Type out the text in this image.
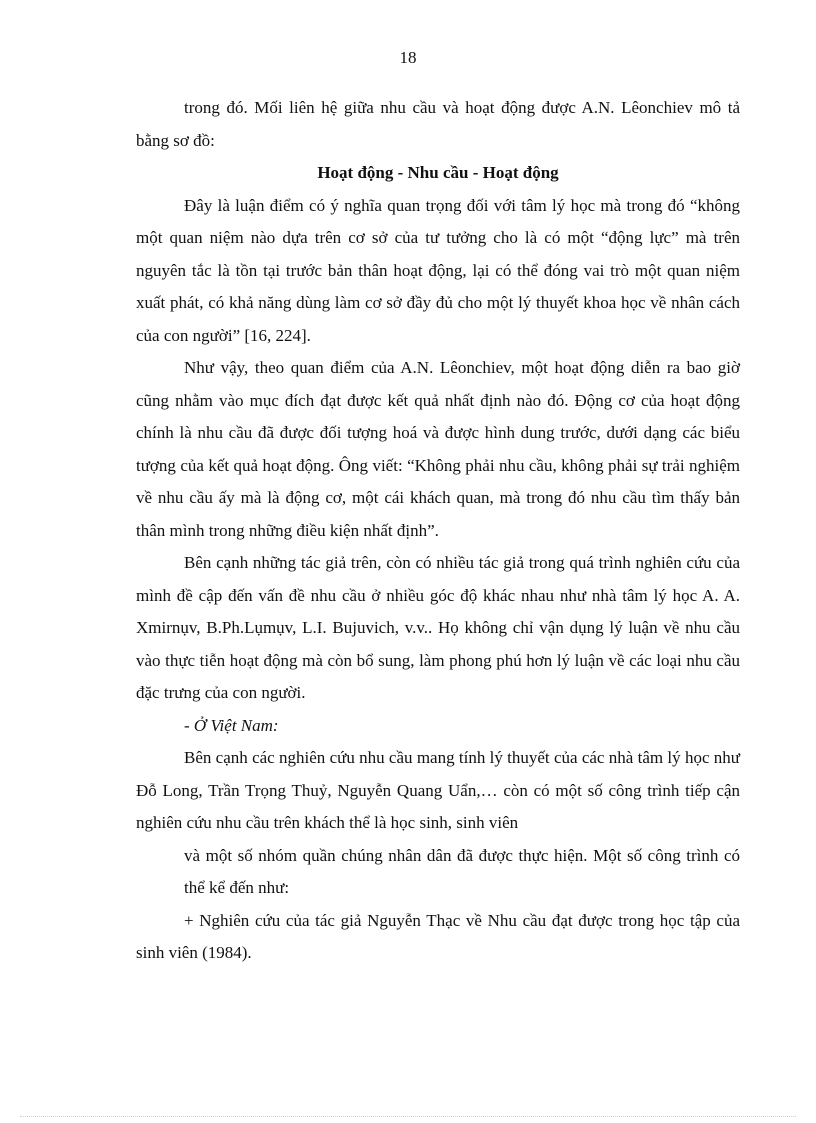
18

trong đó. Mối liên hệ giữa nhu cầu và hoạt động được A.N. Lêonchiev mô tả bằng sơ đồ:

Hoạt động - Nhu cầu - Hoạt động

Đây là luận điểm có ý nghĩa quan trọng đối với tâm lý học mà trong đó “không một quan niệm nào dựa trên cơ sở của tư tưởng cho là có một “động lực” mà trên nguyên tắc là tồn tại trước bản thân hoạt động, lại có thể đóng vai trò một quan niệm xuất phát, có khả năng dùng làm cơ sở đầy đủ cho một lý thuyết khoa học về nhân cách của con người” [16, 224].

Như vậy, theo quan điểm của A.N. Lêonchiev, một hoạt động diễn ra bao giờ cũng nhằm vào mục đích đạt được kết quả nhất định nào đó. Động cơ của hoạt động chính là nhu cầu đã được đối tượng hoá và được hình dung trước, dưới dạng các biểu tượng của kết quả hoạt động. Ông viết: “Không phải nhu cầu, không phải sự trải nghiệm về nhu cầu ấy mà là động cơ, một cái khách quan, mà trong đó nhu cầu tìm thấy bản thân mình trong những điều kiện nhất định”.

Bên cạnh những tác giả trên, còn có nhiều tác giả trong quá trình nghiên cứu của mình đề cập đến vấn đề nhu cầu ở nhiều góc độ khác nhau như nhà tâm lý học A. A. Xmirnụv, B.Ph.Lụmụv, L.I. Bujuvich, v.v.. Họ không chỉ vận dụng lý luận về nhu cầu vào thực tiễn hoạt động mà còn bổ sung, làm phong phú hơn lý luận về các loại nhu cầu đặc trưng của con người.

- Ở Việt Nam:

Bên cạnh các nghiên cứu nhu cầu mang tính lý thuyết của các nhà tâm lý học như Đỗ Long, Trần Trọng Thuỷ, Nguyễn Quang Uẩn,… còn có một số công trình tiếp cận nghiên cứu nhu cầu trên khách thể là học sinh, sinh viên

và một số nhóm quần chúng nhân dân đã được thực hiện. Một số công trình có thể kể đến như:

+ Nghiên cứu của tác giả Nguyễn Thạc về Nhu cầu đạt được trong học tập của sinh viên (1984).
